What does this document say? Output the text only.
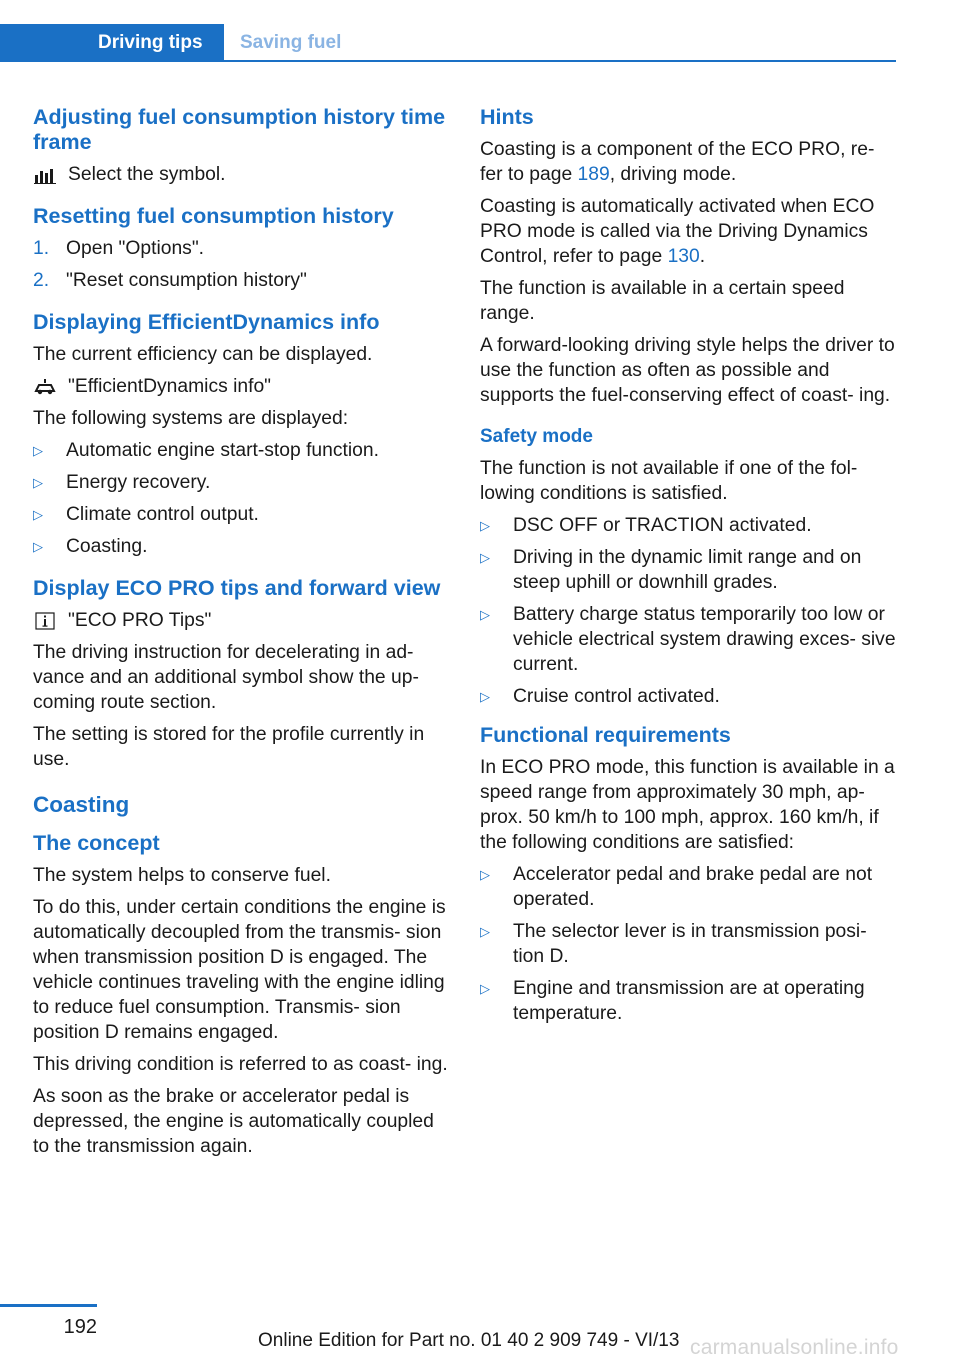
Driving tips	Saving fuel
Adjusting fuel consumption history time frame
Select the symbol.
Resetting fuel consumption history
1. Open "Options".
2. "Reset consumption history"
Displaying EfficientDynamics info

The current efficiency can be displayed.

"EfficientDynamics info"

The following systems are displayed:

▷	Automatic engine start-stop function.
▷	Energy recovery.
▷	Climate control output.
▷	Coasting.
Display ECO PRO tips and forward view
"ECO PRO Tips"

The driving instruction for decelerating in ad‐ vance and an additional symbol show the up‐ coming route section.

The setting is stored for the profile currently in use.

Coasting
The concept

The system helps to conserve fuel.

To do this, under certain conditions the engine is automatically decoupled from the transmis‐ sion when transmission position D is engaged. The vehicle continues traveling with the engine idling to reduce fuel consumption. Transmis‐ sion position D remains engaged.

This driving condition is referred to as coast‐ ing.

As soon as the brake or accelerator pedal is depressed, the engine is automatically coupled to the transmission again.

Hints

Coasting is a component of the ECO PRO, re‐ fer to page 189, driving mode.

Coasting is automatically activated when ECO PRO mode is called via the Driving Dynamics Control, refer to page 130.

The function is available in a certain speed range.

A forward-looking driving style helps the driver to use the function as often as possible and supports the fuel-conserving effect of coast‐ ing.

Safety mode

The function is not available if one of the fol‐ lowing conditions is satisfied.

▷	DSC OFF or TRACTION activated.
▷	Driving in the dynamic limit range and on steep uphill or downhill grades.
▷	Battery charge status temporarily too low or vehicle electrical system drawing exces‐ sive current.
▷	Cruise control activated.
Functional requirements

In ECO PRO mode, this function is available in a speed range from approximately 30 mph, ap‐ prox. 50 km/h to 100 mph, approx. 160 km/h, if the following conditions are satisfied:

▷	Accelerator pedal and brake pedal are not operated.
▷	The selector lever is in transmission posi‐ tion D.
▷	Engine and transmission are at operating temperature.
192
Online Edition for Part no. 01 40 2 909 749 - VI/13 carmanualsonline.info
